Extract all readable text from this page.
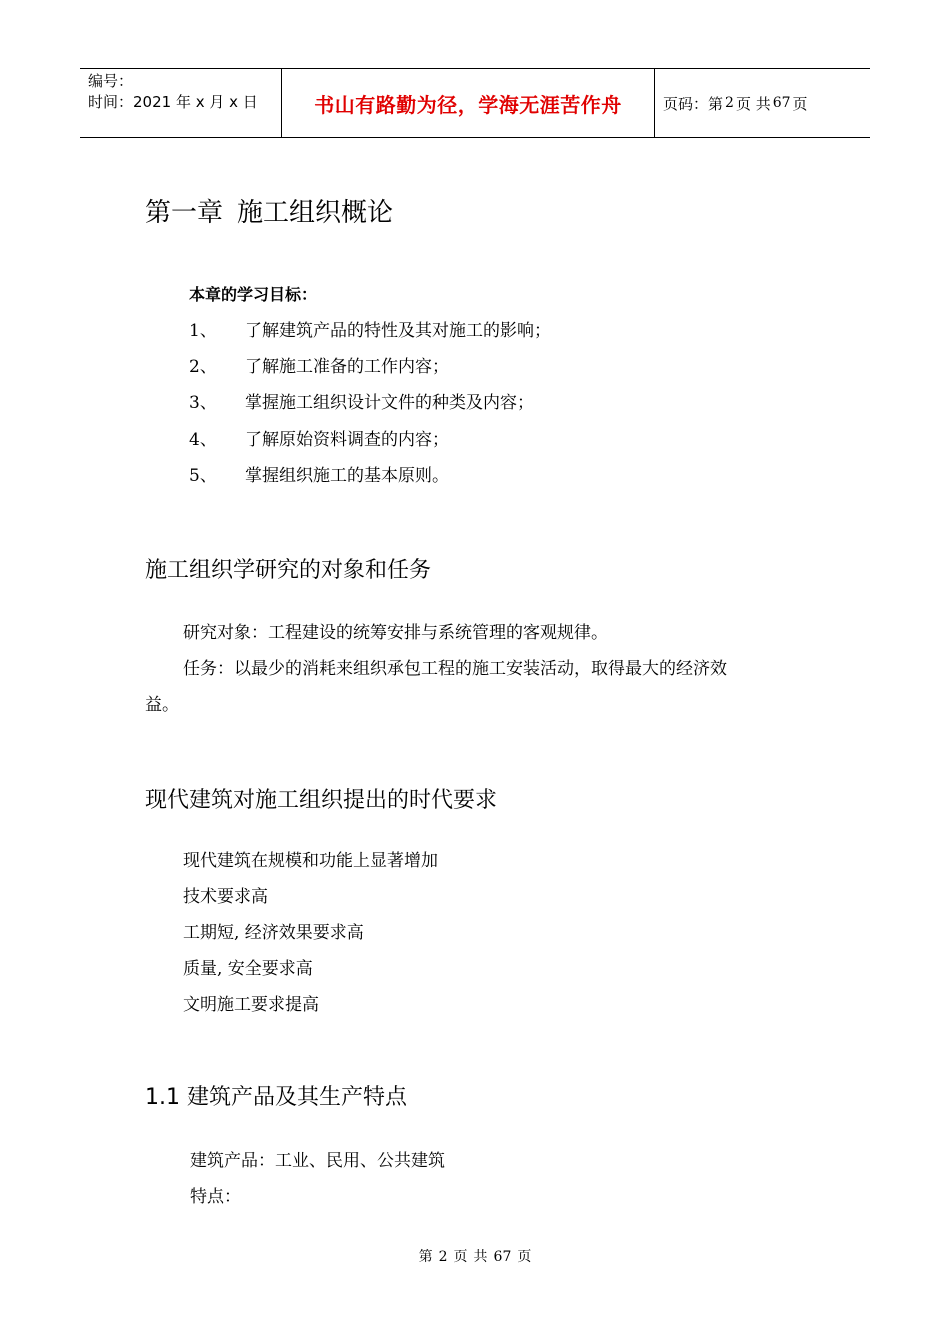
编号：
时间：2021 年 x 月 x 日	书山有路勤为径，学海无涯苦作舟	页码：第 2 页 共 67 页
第一章 施工组织概论
本章的学习目标：
1、 了解建筑产品的特性及其对施工的影响；
2、 了解施工准备的工作内容；
3、 掌握施工组织设计文件的种类及内容；
4、 了解原始资料调查的内容；
5、 掌握组织施工的基本原则。
施工组织学研究的对象和任务
研究对象：工程建设的统筹安排与系统管理的客观规律。
任务：以最少的消耗来组织承包工程的施工安装活动，取得最大的经济效
益。
现代建筑对施工组织提出的时代要求
现代建筑在规模和功能上显著增加
技术要求高
工期短, 经济效果要求高
质量, 安全要求高
文明施工要求提高
1.1 建筑产品及其生产特点
建筑产品：工业、民用、公共建筑
特点：
第 2 页 共 67 页
